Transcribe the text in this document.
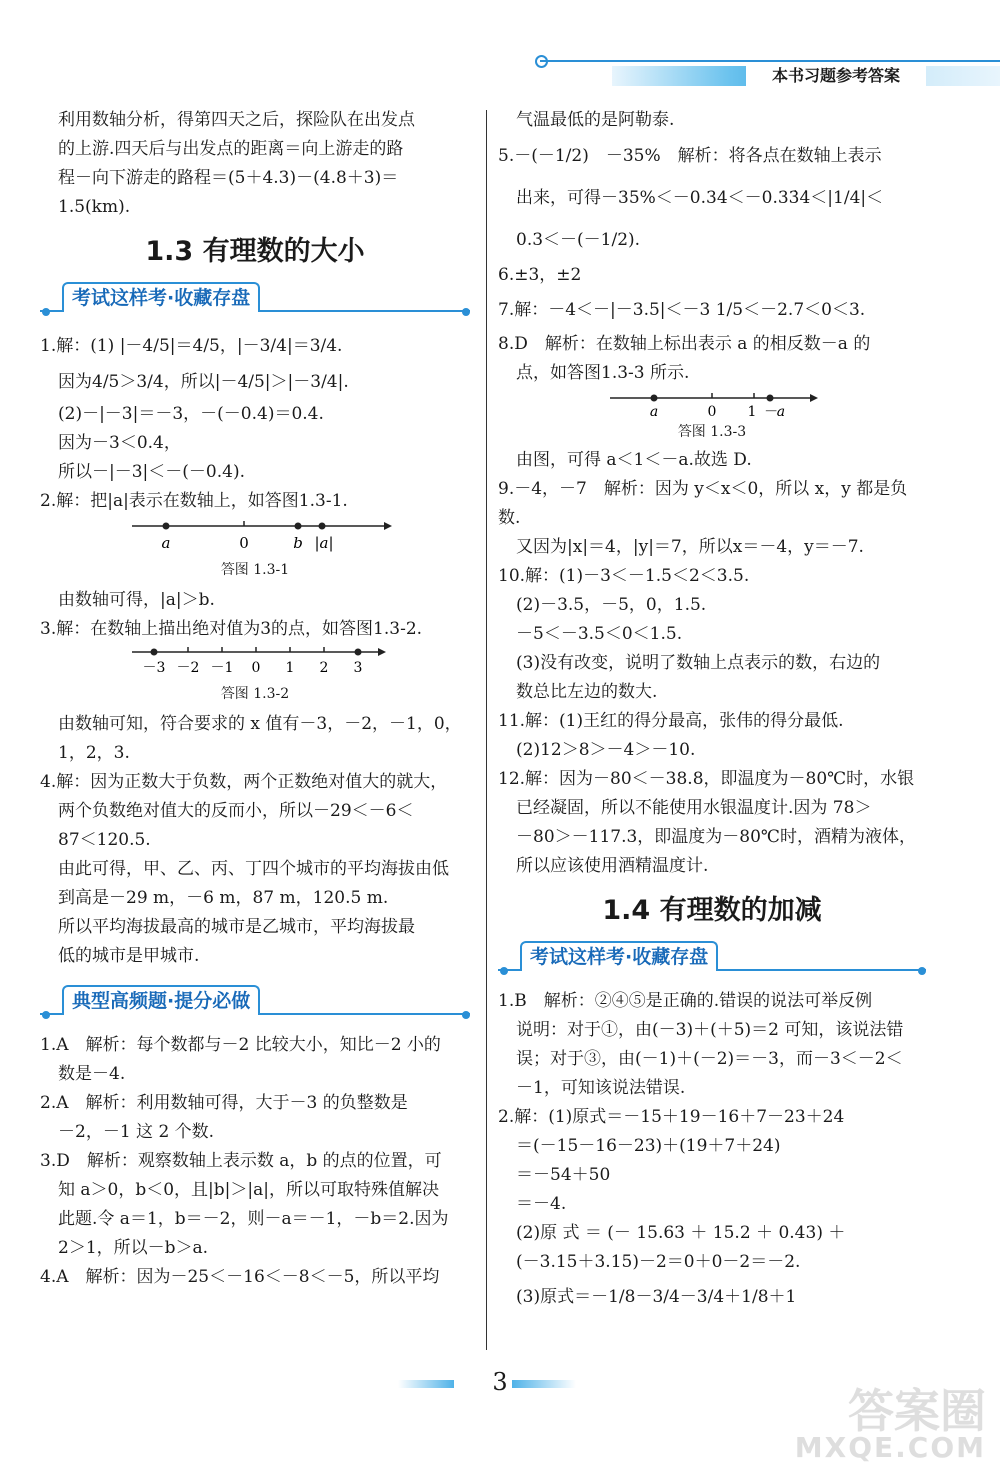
本书习题参考答案

利用数轴分析，得第四天之后，探险队在出发点

的上游.四天后与出发点的距离＝向上游走的路

程－向下游走的路程＝(5＋4.3)－(4.8＋3)＝

1.5(km).

1.3 有理数的大小
考试这样考·收藏存盘

1.解：(1) |－4/5|＝4/5，|－3/4|＝3/4.

因为4/5＞3/4，所以|－4/5|＞|－3/4|.

(2)－|－3|＝－3，－(－0.4)＝0.4.

因为－3＜0.4，

所以－|－3|＜－(－0.4).

2.解：把|a|表示在数轴上，如答图1.3-1.

a	0	b |a|
答图 1.3-1

由数轴可得，|a|＞b.

3.解：在数轴上描出绝对值为3的点，如答图1.3-2.

－3 －2 －1 0 1 2 3
答图 1.3-2

由数轴可知，符合要求的 x 值有－3，－2，－1，0，

1，2，3.

4.解：因为正数大于负数，两个正数绝对值大的就大，

两个负数绝对值大的反而小，所以－29＜－6＜

87＜120.5.

由此可得，甲、乙、丙、丁四个城市的平均海拔由低

到高是－29 m，－6 m，87 m，120.5 m.

所以平均海拔最高的城市是乙城市，平均海拔最

低的城市是甲城市.

典型高频题·提分必做

1.A　解析：每个数都与－2 比较大小，知比－2 小的

数是－4.

2.A　解析：利用数轴可得，大于－3 的负整数是

－2，－1 这 2 个数.

3.D　解析：观察数轴上表示数 a，b 的点的位置，可

知 a＞0，b＜0，且|b|＞|a|，所以可取特殊值解决

此题.令 a＝1，b＝－2，则－a＝－1，－b＝2.因为

2＞1，所以－b＞a.

4.A　解析：因为－25＜－16＜－8＜－5，所以平均

气温最低的是阿勒泰.

5.－(－1/2)　－35%　解析：将各点在数轴上表示

出来，可得－35%＜－0.34＜－0.33̇4̇＜|1/4|＜

0.3＜－(－1/2).

6.±3，±2

7.解：－4＜－|－3.5|＜－3 1/5＜－2.7＜0＜3.

8.D　解析：在数轴上标出表示 a 的相反数－a 的

点，如答图1.3-3 所示.

a	0 1 －a
答图 1.3-3

由图，可得 a＜1＜－a.故选 D.

9.－4，－7　解析：因为 y＜x＜0，所以 x，y 都是负数.

又因为|x|＝4，|y|＝7，所以x＝－4，y＝－7.

10.解：(1)－3＜－1.5＜2＜3.5.

(2)－3.5，－5，0，1.5.

－5＜－3.5＜0＜1.5.

(3)没有改变，说明了数轴上点表示的数，右边的

数总比左边的数大.

11.解：(1)王红的得分最高，张伟的得分最低.

(2)12＞8＞－4＞－10.

12.解：因为－80＜－38.8，即温度为－80℃时，水银

已经凝固，所以不能使用水银温度计.因为 78＞

－80＞－117.3，即温度为－80℃时，酒精为液体，

所以应该使用酒精温度计.

1.4 有理数的加减
考试这样考·收藏存盘

1.B　解析：②④⑤是正确的.错误的说法可举反例

说明：对于①，由(－3)＋(＋5)＝2 可知，该说法错

误；对于③，由(－1)＋(－2)＝－3，而－3＜－2＜

－1，可知该说法错误.

2.解：(1)原式＝－15＋19－16＋7－23＋24

＝(－15－16－23)＋(19＋7＋24)

＝－54＋50

＝－4.

(2)原 式 ＝ (－ 15.63 ＋ 15.2 ＋ 0.43) ＋

(－3.15＋3.15)－2＝0＋0－2＝－2.

(3)原式＝－1/8－3/4－3/4＋1/8＋1

3
答案圈
MXQE.COM
